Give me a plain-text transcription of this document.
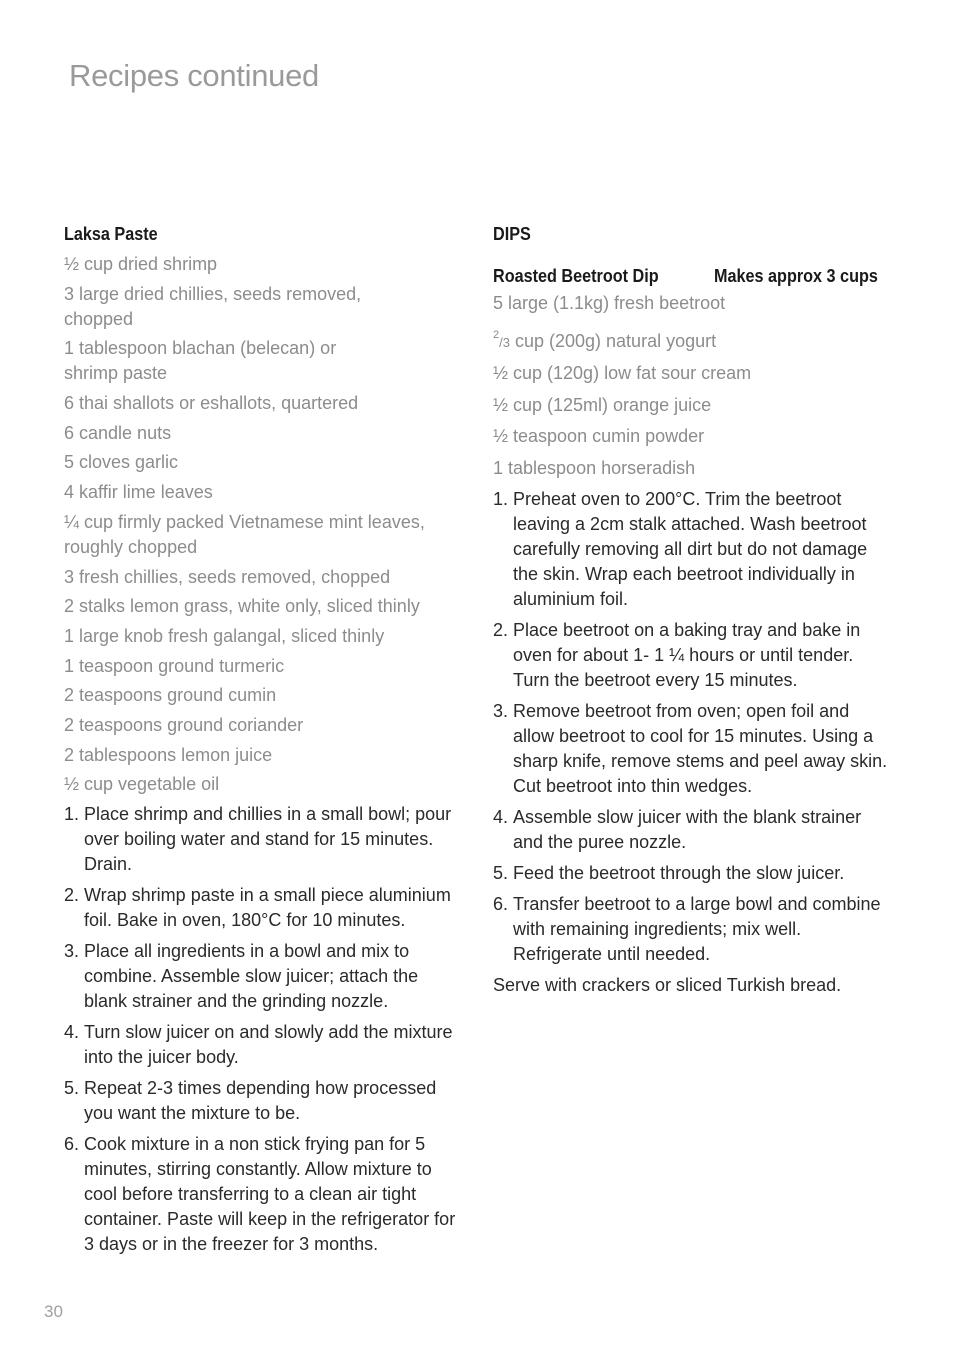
Recipes continued
Laksa Paste
½ cup dried shrimp
3 large dried chillies, seeds removed,
chopped
1 tablespoon blachan (belecan) or
shrimp paste
6 thai shallots or eshallots, quartered
6 candle nuts
5 cloves garlic
4 kaffir lime leaves
¼ cup firmly packed Vietnamese mint leaves, roughly chopped
3 fresh chillies, seeds removed, chopped
2 stalks lemon grass, white only, sliced thinly
1 large knob fresh galangal, sliced thinly
1 teaspoon ground turmeric
2 teaspoons ground cumin
2 teaspoons ground coriander
2 tablespoons lemon juice
½ cup vegetable oil
1. Place shrimp and chillies in a small bowl; pour over boiling water and stand for 15 minutes. Drain.
2. Wrap shrimp paste in a small piece aluminium foil. Bake in oven, 180°C for 10 minutes.
3. Place all ingredients in a bowl and mix to combine. Assemble slow juicer; attach the blank strainer and the grinding nozzle.
4. Turn slow juicer on and slowly add the mixture into the juicer body.
5. Repeat 2-3 times depending how processed you want the mixture to be.
6. Cook mixture in a non stick frying pan for 5 minutes, stirring constantly. Allow mixture to cool before transferring to a clean air tight container. Paste will keep in the refrigerator for 3 days or in the freezer for 3 months.
DIPS
Roasted Beetroot Dip	Makes approx 3 cups
5 large (1.1kg) fresh beetroot
$^2$/3 cup (200g) natural yogurt
½ cup (120g) low fat sour cream
½ cup (125ml) orange juice
½ teaspoon cumin powder
1 tablespoon horseradish
1. Preheat oven to 200°C. Trim the beetroot leaving a 2cm stalk attached. Wash beetroot carefully removing all dirt but do not damage the skin. Wrap each beetroot individually in aluminium foil.
2. Place beetroot on a baking tray and bake in oven for about 1- 1 ¼ hours or until tender. Turn the beetroot every 15 minutes.
3. Remove beetroot from oven; open foil and allow beetroot to cool for 15 minutes. Using a sharp knife, remove stems and peel away skin. Cut beetroot into thin wedges.
4. Assemble slow juicer with the blank strainer and the puree nozzle.
5. Feed the beetroot through the slow juicer.
6. Transfer beetroot to a large bowl and combine with remaining ingredients; mix well. Refrigerate until needed.
Serve with crackers or sliced Turkish bread.
30
